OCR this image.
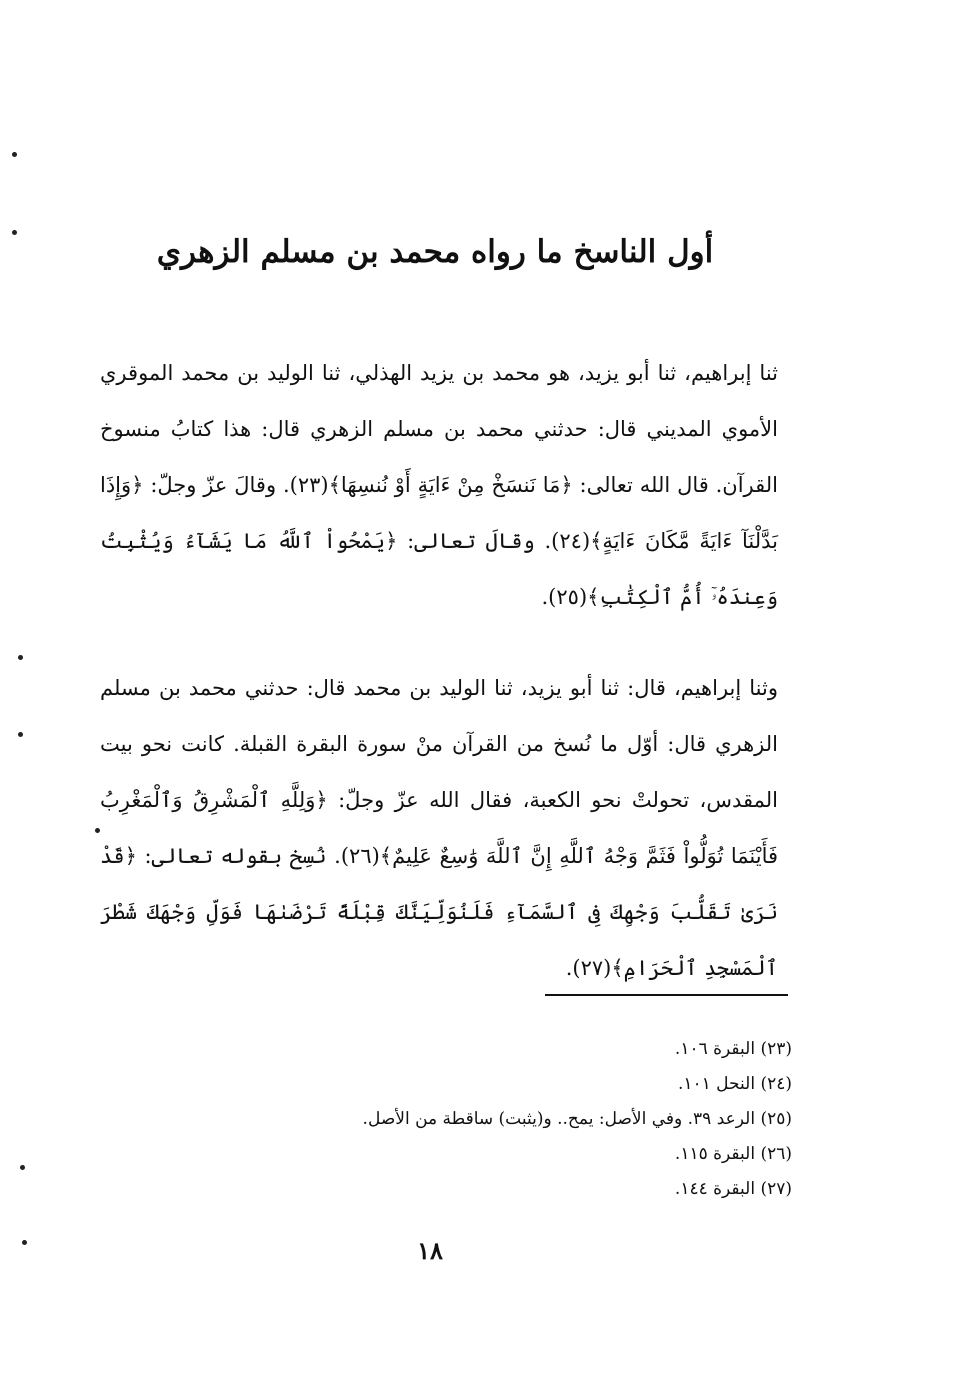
أول الناسخ ما رواه محمد بن مسلم الزهري

ثنا إبراهيم، ثنا أبو يزيد، هو محمد بن يزيد الهذلي، ثنا الوليد بن محمد الموقري الأموي المديني قال: حدثني محمد بن مسلم الزهري قال: هذا كتابُ منسوخ القرآن. قال الله تعالى: ﴿مَا نَنسَخْ مِنْ ءَايَةٍ أَوْ نُنسِهَا﴾(٢٣). وقالَ عزّ وجلّ: ﴿وَإِذَا بَدَّلْنَآ ءَايَةً مَّكَانَ ءَايَةٍ﴾(٢٤). وقالَ تعالى: ﴿يَمْحُواْ ٱللَّهُ مَا يَشَآءُ وَيُثْبِتُ وَعِندَهُۥٓ أُمُّ ٱلْكِتَٰبِ﴾(٢٥).

وثنا إبراهيم، قال: ثنا أبو يزيد، ثنا الوليد بن محمد قال: حدثني محمد بن مسلم الزهري قال: أوّل ما نُسخ من القرآن منْ سورة البقرة القبلة. كانت نحو بيت المقدس، تحولتْ نحو الكعبة، فقال الله عزّ وجلّ: ﴿وَلِلَّهِ ٱلْمَشْرِقُ وَٱلْمَغْرِبُ فَأَيْنَمَا تُوَلُّواْ فَثَمَّ وَجْهُ ٱللَّهِ إِنَّ ٱللَّهَ وَٰسِعٌ عَلِيمٌ﴾(٢٦). نُسِخ بقوله تعالى: ﴿قَدْ نَرَىٰ تَقَلُّبَ وَجْهِكَ فِى ٱلسَّمَآءِ فَلَنُوَلِّيَنَّكَ قِبْلَةً تَرْضَىٰهَا فَوَلِّ وَجْهَكَ شَطْرَ ٱلْمَسْجِدِ ٱلْحَرَامِ﴾(٢٧).

(٢٣) البقرة ١٠٦.
(٢٤) النحل ١٠١.
(٢٥) الرعد ٣٩. وفي الأصل: يمح.. و(يثبت) ساقطة من الأصل.
(٢٦) البقرة ١١٥.
(٢٧) البقرة ١٤٤.
١٨
